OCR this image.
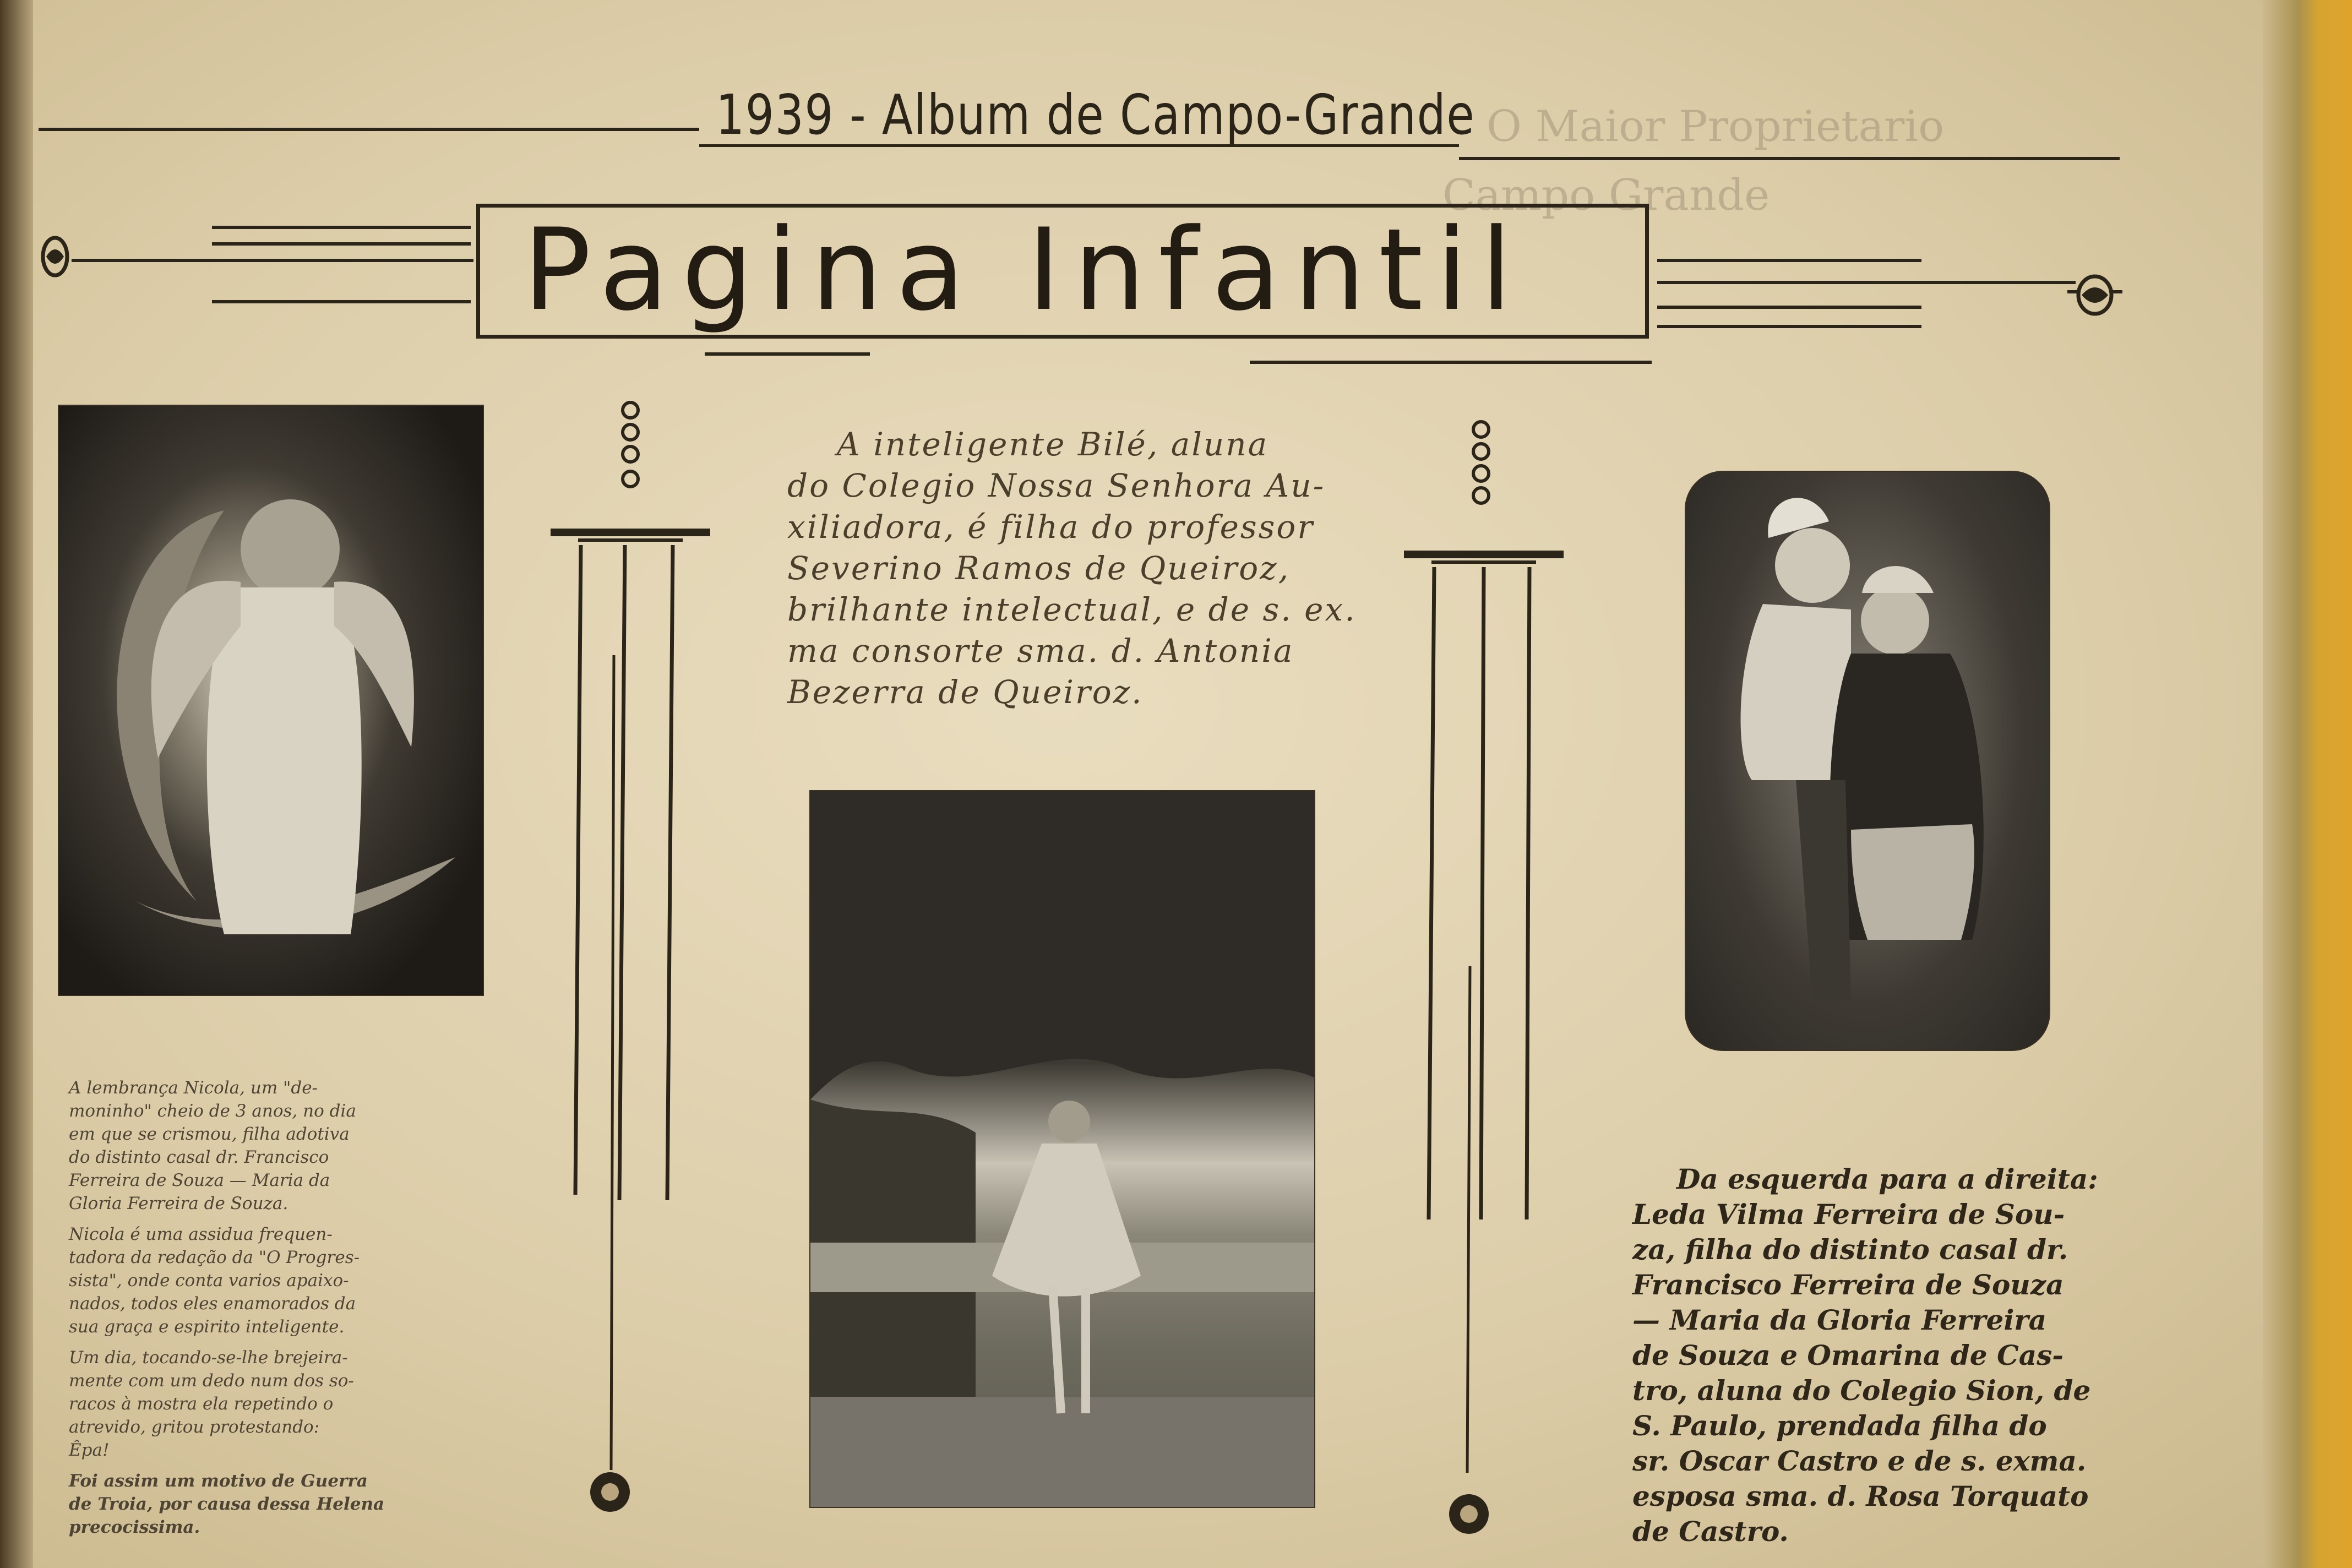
O Maior Proprietario
Campo Grande
1939 - Album de Campo-Grande
Pagina Infantil

A lembrança Nicola, um "de-
moninho" cheio de 3 anos, no dia
em que se crismou, filha adotiva
do distinto casal dr. Francisco
Ferreira de Souza — Maria da
Gloria Ferreira de Souza.

Nicola é uma assidua frequen-
tadora da redação da "O Progres-
sista", onde conta varios apaixo-
nados, todos eles enamorados da
sua graça e espirito inteligente.

Um dia, tocando-se-lhe brejeira-
mente com um dedo num dos so-
racos à mostra ela repetindo o
atrevido, gritou protestando:
Êpa!

Foi assim um motivo de Guerra
de Troia, por causa dessa Helena
precocissima.

A inteligente Bilé, aluna
do Colegio Nossa Senhora Au-
xiliadora, é filha do professor
Severino Ramos de Queiroz,
brilhante intelectual, e de s. ex.
ma consorte sma. d. Antonia
Bezerra de Queiroz.
Da esquerda para a direita:
Leda Vilma Ferreira de Sou-
za, filha do distinto casal dr.
Francisco Ferreira de Souza
— Maria da Gloria Ferreira
de Souza e Omarina de Cas-
tro, aluna do Colegio Sion, de
S. Paulo, prendada filha do
sr. Oscar Castro e de s. exma.
esposa sma. d. Rosa Torquato
de Castro.
